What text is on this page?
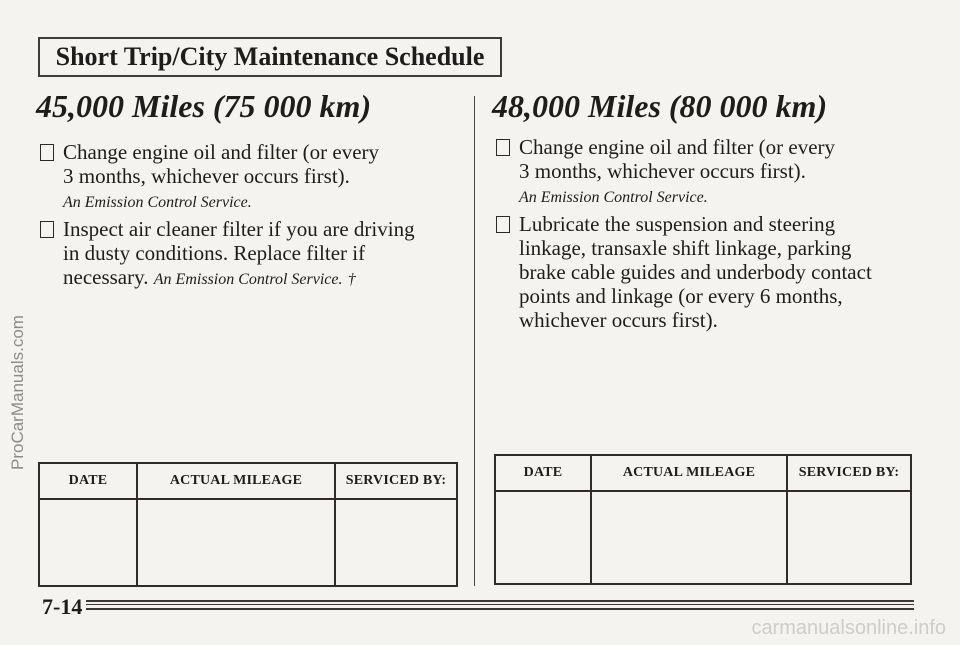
Short Trip/City Maintenance Schedule
45,000 Miles (75 000 km)
Change engine oil and filter (or every
3 months, whichever occurs first).
An Emission Control Service.
Inspect air cleaner filter if you are driving
in dusty conditions. Replace filter if
necessary. An Emission Control Service. †
DATE	ACTUAL MILEAGE	SERVICED BY:
48,000 Miles (80 000 km)
Change engine oil and filter (or every
3 months, whichever occurs first).
An Emission Control Service.
Lubricate the suspension and steering
linkage, transaxle shift linkage, parking
brake cable guides and underbody contact
points and linkage (or every 6 months,
whichever occurs first).
DATE	ACTUAL MILEAGE	SERVICED BY:
7-14
ProCarManuals.com
carmanualsonline.info
